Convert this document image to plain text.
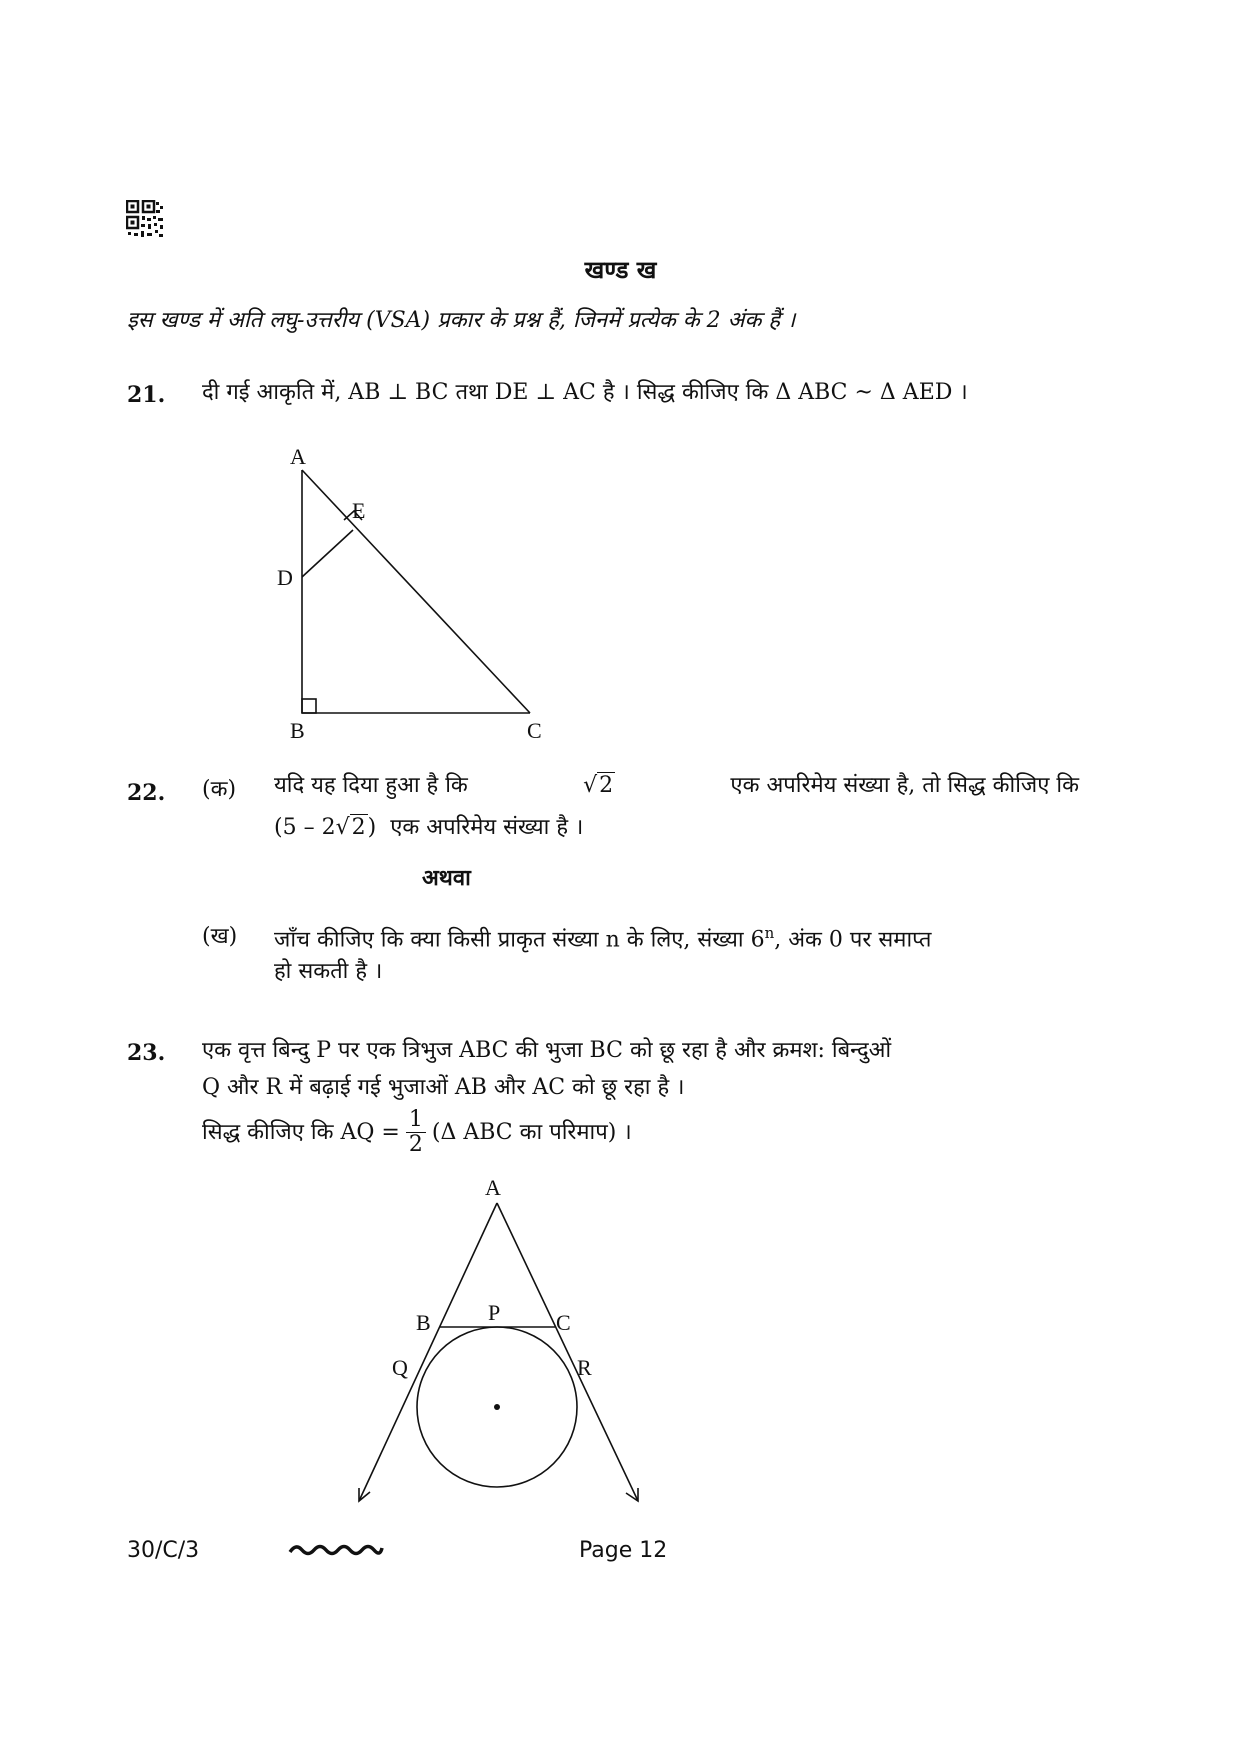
खण्ड ख
इस खण्ड में अति लघु-उत्तरीय (VSA) प्रकार के प्रश्न हैं, जिनमें प्रत्येक के 2 अंक हैं ।
21. दी गई आकृति में, AB ⊥ BC तथा DE ⊥ AC है । सिद्ध कीजिए कि Δ ABC ~ Δ AED ।
A
E
D
B	C
22. (क) यदि यह दिया हुआ है कि	√2	एक अपरिमेय संख्या है, तो सिद्ध कीजिए कि
(5 – 2√2) एक अपरिमेय संख्या है ।
अथवा
(ख) जाँच कीजिए कि क्या किसी प्राकृत संख्या n के लिए, संख्या 6$^n$, अंक 0 पर समाप्त
हो सकती है ।
23. एक वृत्त बिन्दु P पर एक त्रिभुज ABC की भुजा BC को छू रहा है और क्रमश: बिन्दुओं
Q और R में बढ़ाई गई भुजाओं AB और AC को छू रहा है ।
सिद्ध कीजिए कि AQ = $\frac{1}{2} (\Delta$ ABC का परिमाप) ।
A
B	P	C
Q	R
30/C/3	Page 12
